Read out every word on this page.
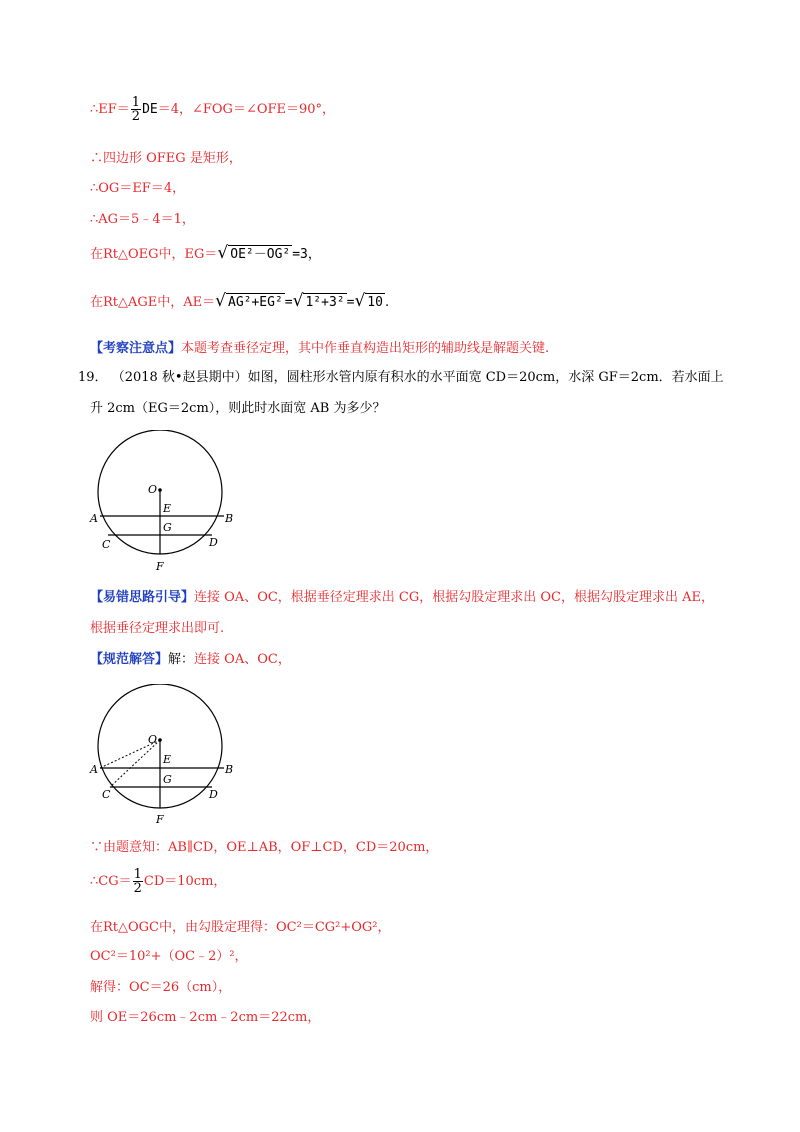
∴EF＝ $\frac{1}{2} DE=4$，∠FOG＝∠OFE＝90°，
∴四边形 OFEG 是矩形，
∴OG＝EF＝4，
∴AG＝5﹣4＝1，
在Rt△OEG中，EG＝√ OE²－OG² =3，
在Rt△AGE中，AE＝√ AG²+EG² =√ 1²+3² =√ 10 .
【考察注意点】本题考查垂径定理，其中作垂直构造出矩形的辅助线是解题关键.
19． （2018 秋•赵县期中）如图，圆柱形水管内原有积水的水平面宽 CD＝20cm，水深 GF＝2cm．若水面上
升 2cm（EG＝2cm），则此时水面宽 AB 为多少？
O
E
A	B
G
C	D
F
【易错思路引导】连接 OA、OC，根据垂径定理求出 CG，根据勾股定理求出 OC，根据勾股定理求出 AE，
根据垂径定理求出即可.
【规范解答】解：连接 OA、OC，
O
E
A	B
G
C	D
F
∵由题意知：AB∥CD，OE⊥AB，OF⊥CD，CD＝20cm，
∴CG＝ $\frac{1}{2} CD=10cm$，
在Rt△OGC中，由勾股定理得：OC²＝CG²+OG²，
OC²＝10²+（OC﹣2）²，
解得：OC＝26（cm），
则 OE＝26cm﹣2cm﹣2cm＝22cm，
